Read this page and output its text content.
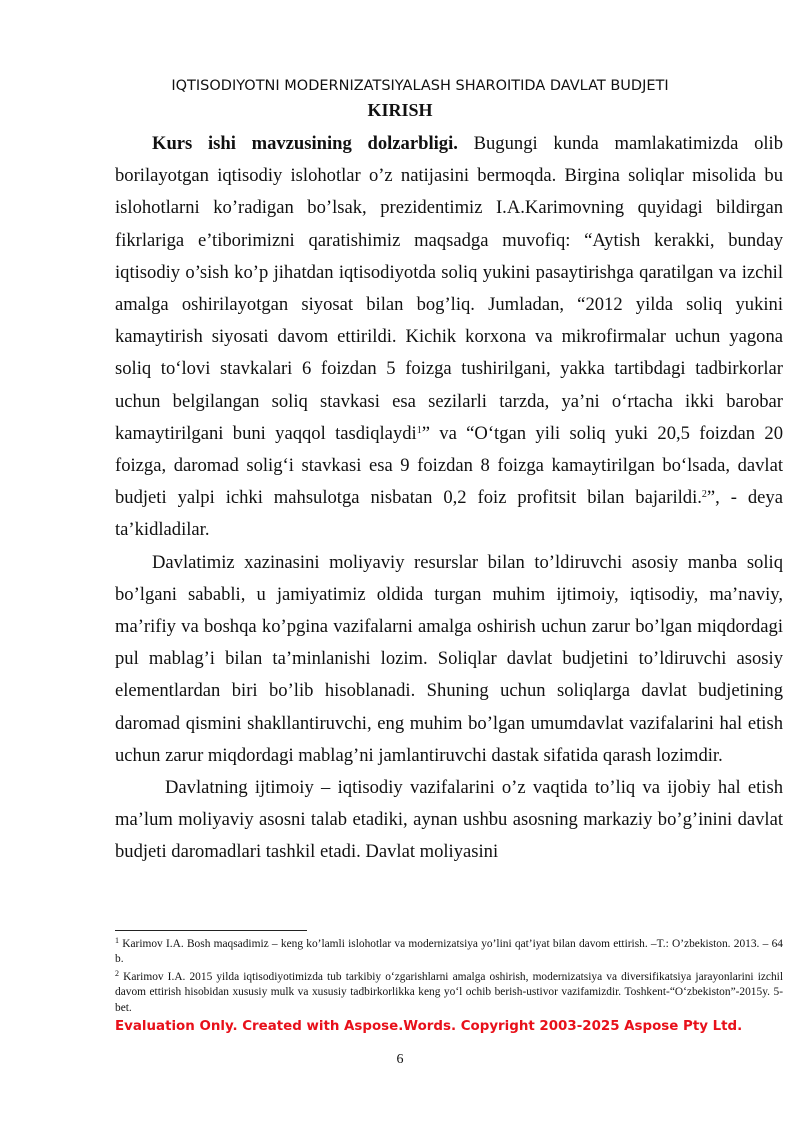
IQTISODIYOTNI MODERNIZATSIYALASH SHAROITIDA DAVLAT BUDJETI
KIRISH

Kurs ishi mavzusining dolzarbligi. Bugungi kunda mamlakatimizda olib borilayotgan iqtisodiy islohotlar o’z natijasini bermoqda. Birgina soliqlar misolida bu islohotlarni ko’radigan bo’lsak, prezidentimiz I.A.Karimovning quyidagi bildirgan fikrlariga e’tiborimizni qaratishimiz maqsadga muvofiq: “Aytish kerakki, bunday iqtisodiy o’sish ko’p jihatdan iqtisodiyotda soliq yukini pasaytirishga qaratilgan va izchil amalga oshirilayotgan siyosat bilan bog’liq. Jumladan, “2012 yilda soliq yukini kamaytirish siyosati davom ettirildi. Kichik korxona va mikrofirmalar uchun yagona soliq to‘lovi stavkalari 6 foizdan 5 foizga tushirilgani, yakka tartibdagi tadbirkorlar uchun belgilangan soliq stavkasi esa sezilarli tarzda, ya’ni o‘rtacha ikki barobar kamaytirilgani buni yaqqol tasdiqlaydi$^1$” va “O‘tgan yili soliq yuki 20,5 foizdan 20 foizga, daromad solig‘i stavkasi esa 9 foizdan 8 foizga kamaytirilgan bo‘lsada, davlat budjeti yalpi ichki mahsulotga nisbatan 0,2 foiz profitsit bilan bajarildi.$^2$”, - deya ta’kidladilar.

Davlatimiz xazinasini moliyaviy resurslar bilan to’ldiruvchi asosiy manba soliq bo’lgani sababli, u jamiyatimiz oldida turgan muhim ijtimoiy, iqtisodiy, ma’naviy, ma’rifiy va boshqa ko’pgina vazifalarni amalga oshirish uchun zarur bo’lgan miqdordagi pul mablag’i bilan ta’minlanishi lozim. Soliqlar davlat budjetini to’ldiruvchi asosiy elementlardan biri bo’lib hisoblanadi. Shuning uchun soliqlarga davlat budjetining daromad qismini shakllantiruvchi, eng muhim bo’lgan umumdavlat vazifalarini hal etish uchun zarur miqdordagi mablag’ni jamlantiruvchi dastak sifatida qarash lozimdir.

Davlatning ijtimoiy – iqtisodiy vazifalarini o’z vaqtida to’liq va ijobiy hal etish ma’lum moliyaviy asosni talab etadiki, aynan ushbu asosning markaziy bo’g’inini davlat budjeti daromadlari tashkil etadi. Davlat moliyasini

$^1$ Karimov I.A. Bosh maqsadimiz – keng ko’lamli islohotlar va modernizatsiya yo’lini qat’iyat bilan davom ettirish. –T.: O’zbekiston. 2013. – 64 b.

$^2$ Karimov I.A. 2015 yilda iqtisodiyotimizda tub tarkibiy o‘zgarishlarni amalga oshirish, modernizatsiya va diversifikatsiya jarayonlarini izchil davom ettirish hisobidan xususiy mulk va xususiy tadbirkorlikka keng yo‘l ochib berish-ustivor vazifamizdir. Toshkent-“O‘zbekiston”-2015y. 5-bet.

Evaluation Only. Created with Aspose.Words. Copyright 2003-2025 Aspose Pty Ltd.
6
